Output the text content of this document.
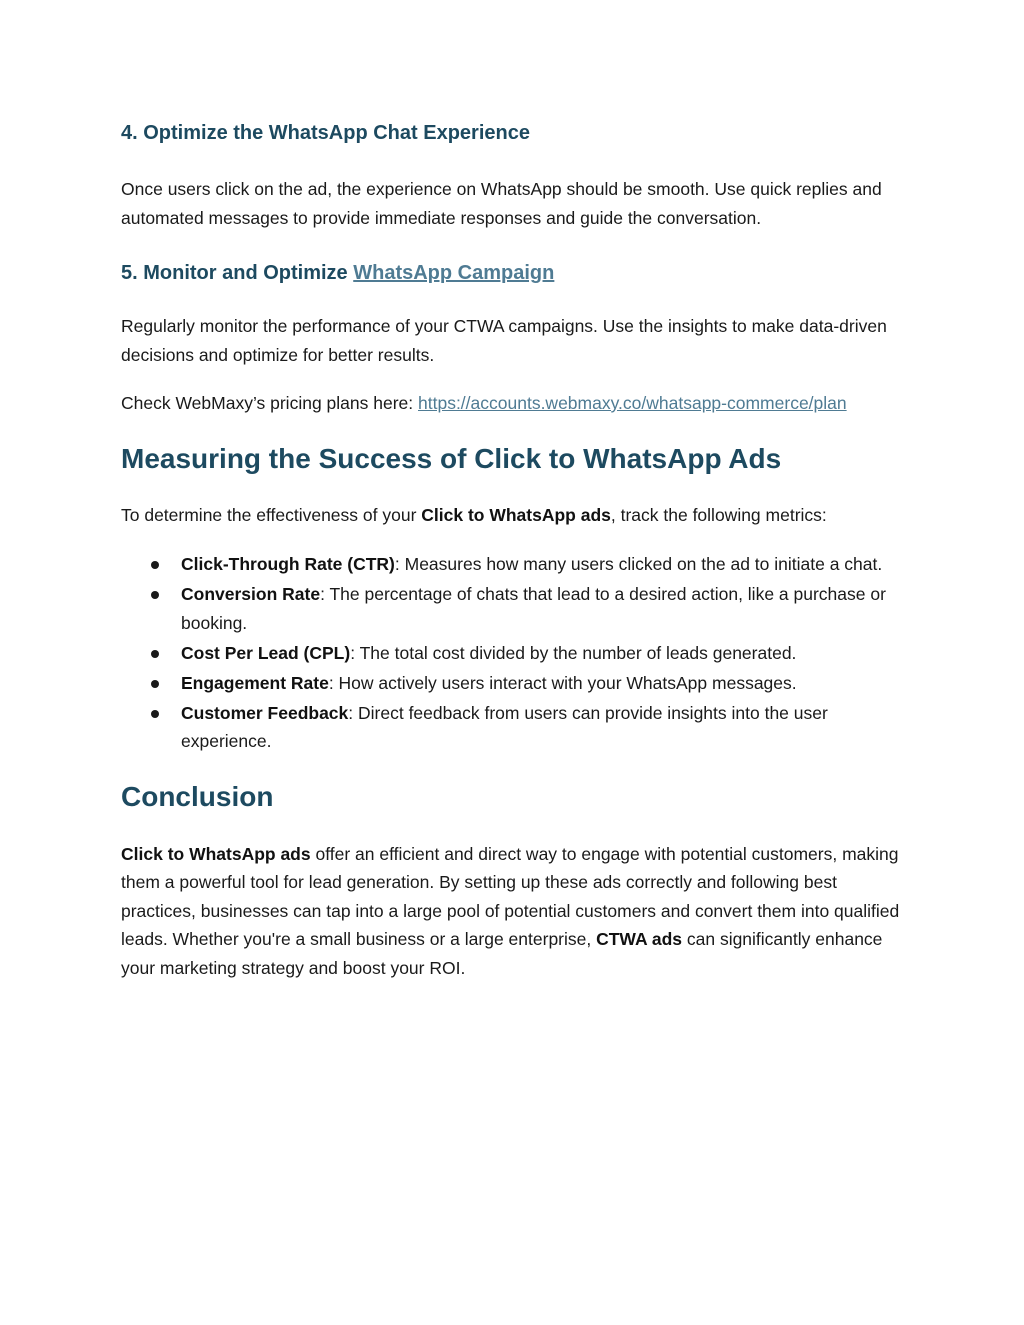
4. Optimize the WhatsApp Chat Experience

Once users click on the ad, the experience on WhatsApp should be smooth. Use quick replies and automated messages to provide immediate responses and guide the conversation.

5. Monitor and Optimize WhatsApp Campaign

Regularly monitor the performance of your CTWA campaigns. Use the insights to make data-driven decisions and optimize for better results.

Check WebMaxy’s pricing plans here: https://accounts.webmaxy.co/whatsapp-commerce/plan

Measuring the Success of Click to WhatsApp Ads

To determine the effectiveness of your Click to WhatsApp ads, track the following metrics:

Click-Through Rate (CTR): Measures how many users clicked on the ad to initiate a chat.
Conversion Rate: The percentage of chats that lead to a desired action, like a purchase or booking.
Cost Per Lead (CPL): The total cost divided by the number of leads generated.
Engagement Rate: How actively users interact with your WhatsApp messages.
Customer Feedback: Direct feedback from users can provide insights into the user experience.
Conclusion

Click to WhatsApp ads offer an efficient and direct way to engage with potential customers, making them a powerful tool for lead generation. By setting up these ads correctly and following best practices, businesses can tap into a large pool of potential customers and convert them into qualified leads. Whether you're a small business or a large enterprise, CTWA ads can significantly enhance your marketing strategy and boost your ROI.
